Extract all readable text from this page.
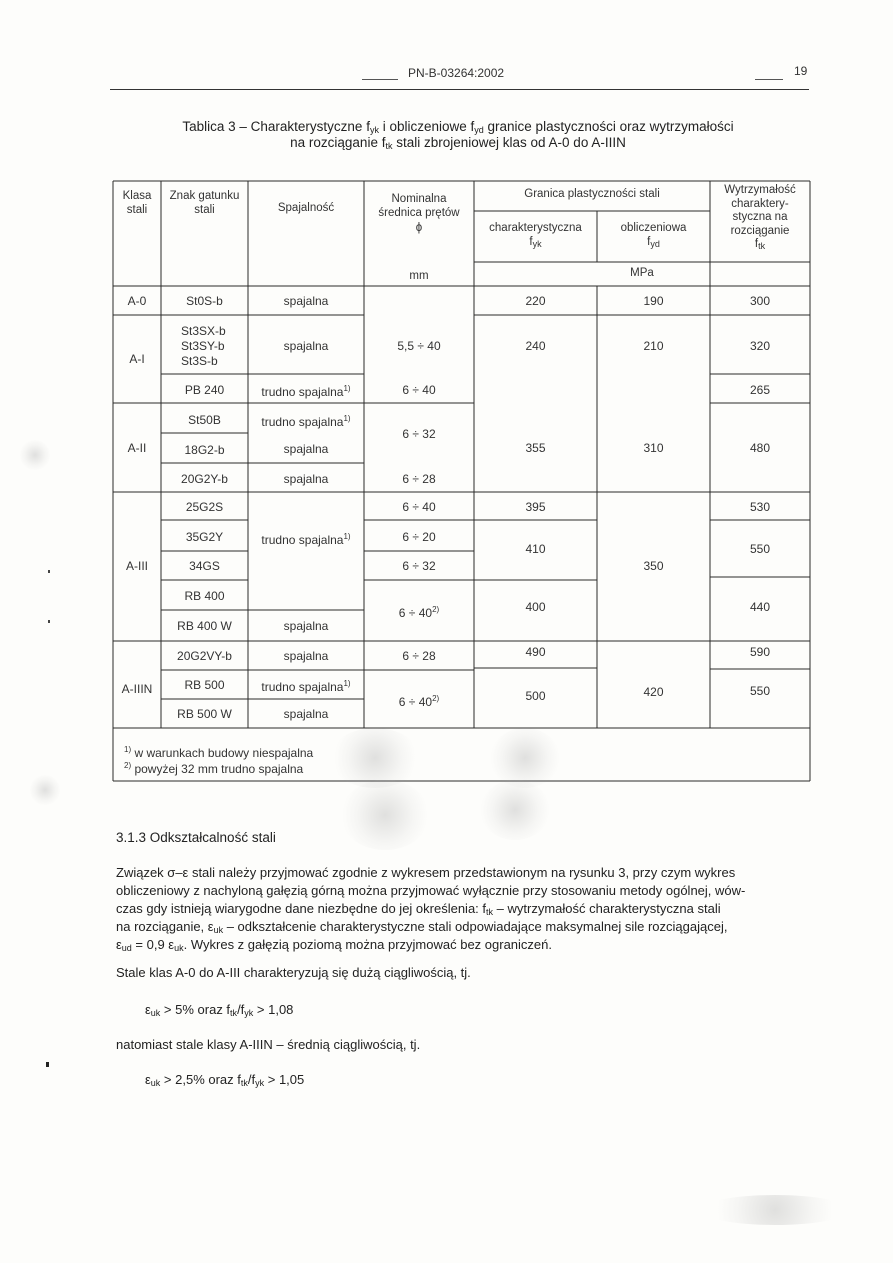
PN-B-03264:2002	19
Tablica 3 – Charakterystyczne $f_{yk}$ i obliczeniowe $f_{yd}$ granice plastyczności oraz wytrzymałości
na rozciąganie $f_{tk}$ stali zbrojeniowej klas od A-0 do A-IIIN
Klasa
stali
Znak gatunku
stali	Spajalność
Nominalna
średnica prętów
ϕ
mm
Granica plastyczności stali
charakterystyczna
$f_{yk}$
obliczeniowa
$f_{yd}$
Wytrzymałość
charaktery-
styczna na
rozciąganie
$f_{tk}$
MPa
A-0
A-I
A-II
A-III
A-IIIN
St0S-b
St3SX-b
St3SY-b
St3S-b
PB 240
St50B
18G2-b
20G2Y-b
25G2S
35G2Y
34GS
RB 400
RB 400 W
20G2VY-b
RB 500
RB 500 W
spajalna
spajalna
trudno spajalna$^{1)}$
trudno spajalna$^{1)}$
spajalna
spajalna
trudno spajalna$^{1)}$
spajalna
spajalna
trudno spajalna$^{1)}$
spajalna
5,5 ÷ 40
6 ÷ 40
6 ÷ 32
6 ÷ 28
6 ÷ 40
6 ÷ 20
6 ÷ 32
$6 \div 40^{2)}$
6 ÷ 28
$6 \div 40^{2)}$
220
240
355
395
410
400
490
500
190
210
310
350
420
300
320
265
480
530
550
440
590
550
$^{1)}$ w warunkach budowy niespajalna
$^{2)}$ powyżej 32 mm trudno spajalna
3.1.3 Odkształcalność stali
Związek σ–ε stali należy przyjmować zgodnie z wykresem przedstawionym na rysunku 3, przy czym wykres
obliczeniowy z nachyloną gałęzią górną można przyjmować wyłącznie przy stosowaniu metody ogólnej, wów-
czas gdy istnieją wiarygodne dane niezbędne do jej określenia: $f_{tk}$ – wytrzymałość charakterystyczna stali
na rozciąganie, $\varepsilon_{uk}$ – odkształcenie charakterystyczne stali odpowiadające maksymalnej sile rozciągającej,
$\varepsilon_{ud} = 0,9$ $\varepsilon_{uk}$. Wykres z gałęzią poziomą można przyjmować bez ograniczeń.
Stale klas A-0 do A-III charakteryzują się dużą ciągliwością, tj.
$\varepsilon_{uk} > 5\%$ oraz $f_{tk}/f_{yk} > 1,08$
natomiast stale klasy A-IIIN – średnią ciągliwością, tj.
$\varepsilon_{uk} > 2,5\%$ oraz $f_{tk}/f_{yk} > 1,05$
